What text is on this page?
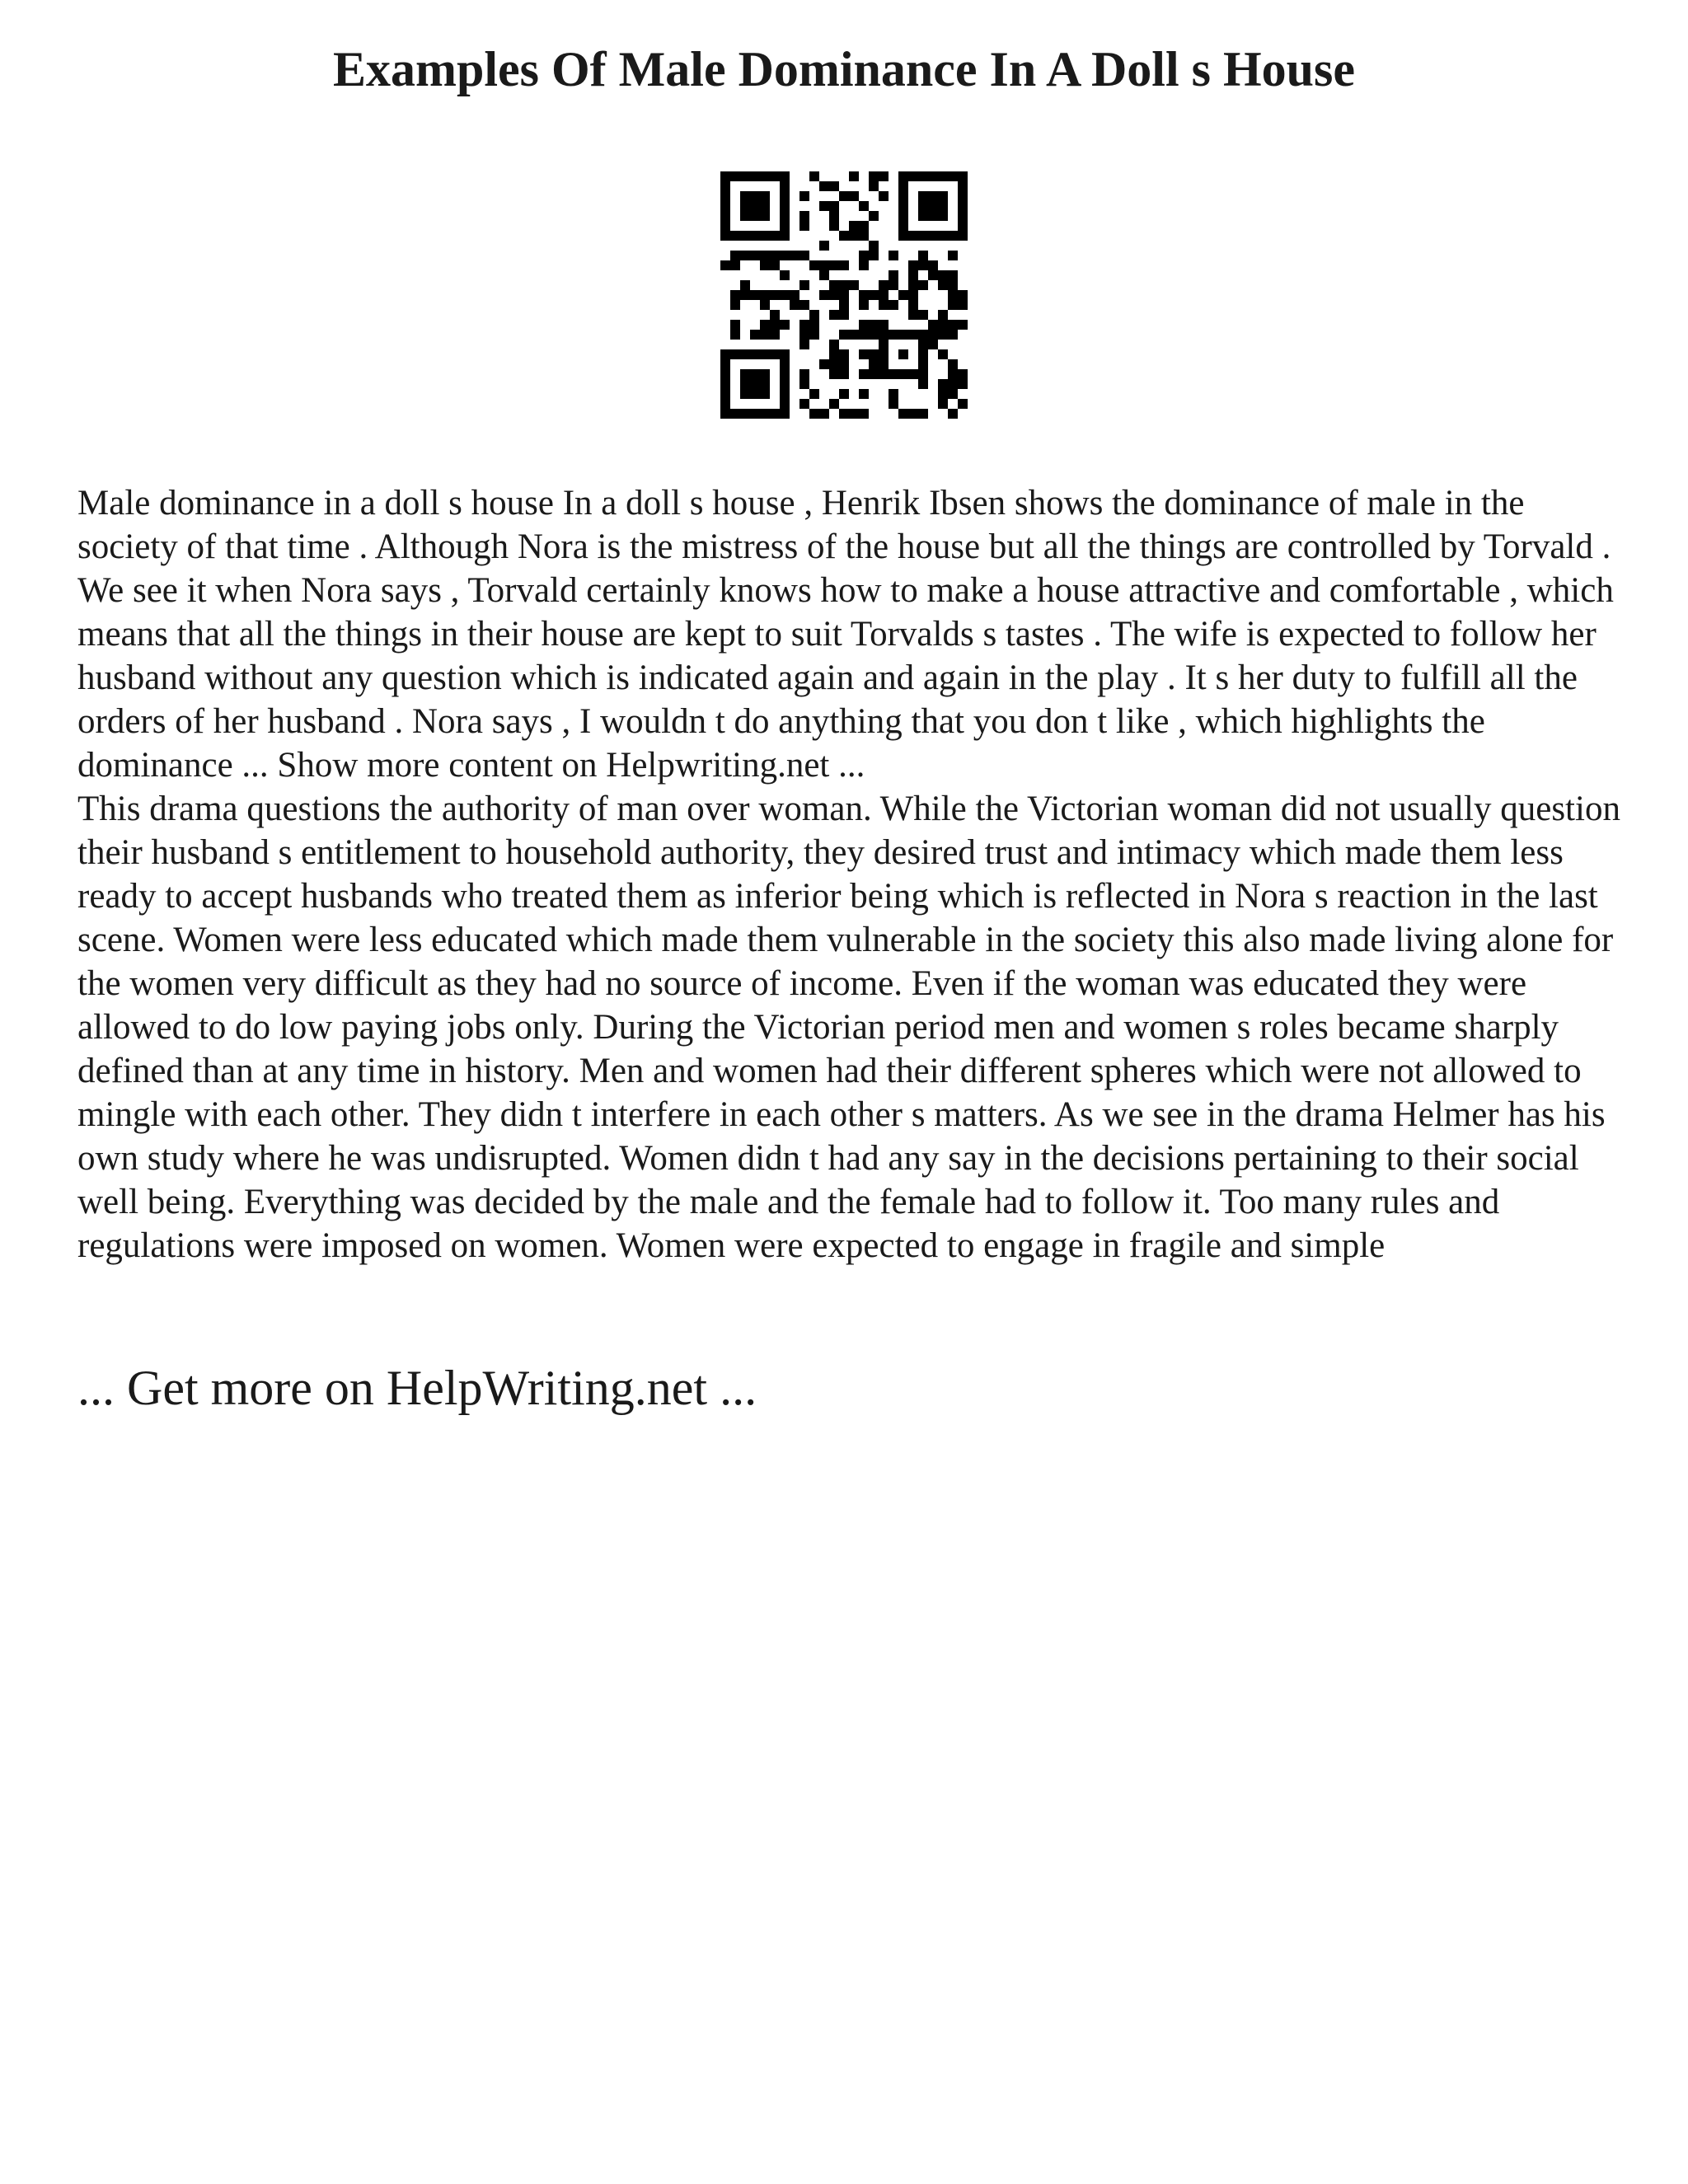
Examples Of Male Dominance In A Doll s House

Male dominance in a doll s house In a doll s house , Henrik Ibsen shows the dominance of male in the society of that time . Although Nora is the mistress of the house but all the things are controlled by Torvald . We see it when Nora says , Torvald certainly knows how to make a house attractive and comfortable , which means that all the things in their house are kept to suit Torvalds s tastes . The wife is expected to follow her husband without any question which is indicated again and again in the play . It s her duty to fulfill all the orders of her husband . Nora says , I wouldn t do anything that you don t like , which highlights the dominance ... Show more content on Helpwriting.net ...

This drama questions the authority of man over woman. While the Victorian woman did not usually question their husband s entitlement to household authority, they desired trust and intimacy which made them less ready to accept husbands who treated them as inferior being which is reflected in Nora s reaction in the last scene. Women were less educated which made them vulnerable in the society this also made living alone for the women very difficult as they had no source of income. Even if the woman was educated they were allowed to do low paying jobs only. During the Victorian period men and women s roles became sharply defined than at any time in history. Men and women had their different spheres which were not allowed to mingle with each other. They didn t interfere in each other s matters. As we see in the drama Helmer has his own study where he was undisrupted. Women didn t had any say in the decisions pertaining to their social well being. Everything was decided by the male and the female had to follow it. Too many rules and regulations were imposed on women. Women were expected to engage in fragile and simple

... Get more on HelpWriting.net ...
